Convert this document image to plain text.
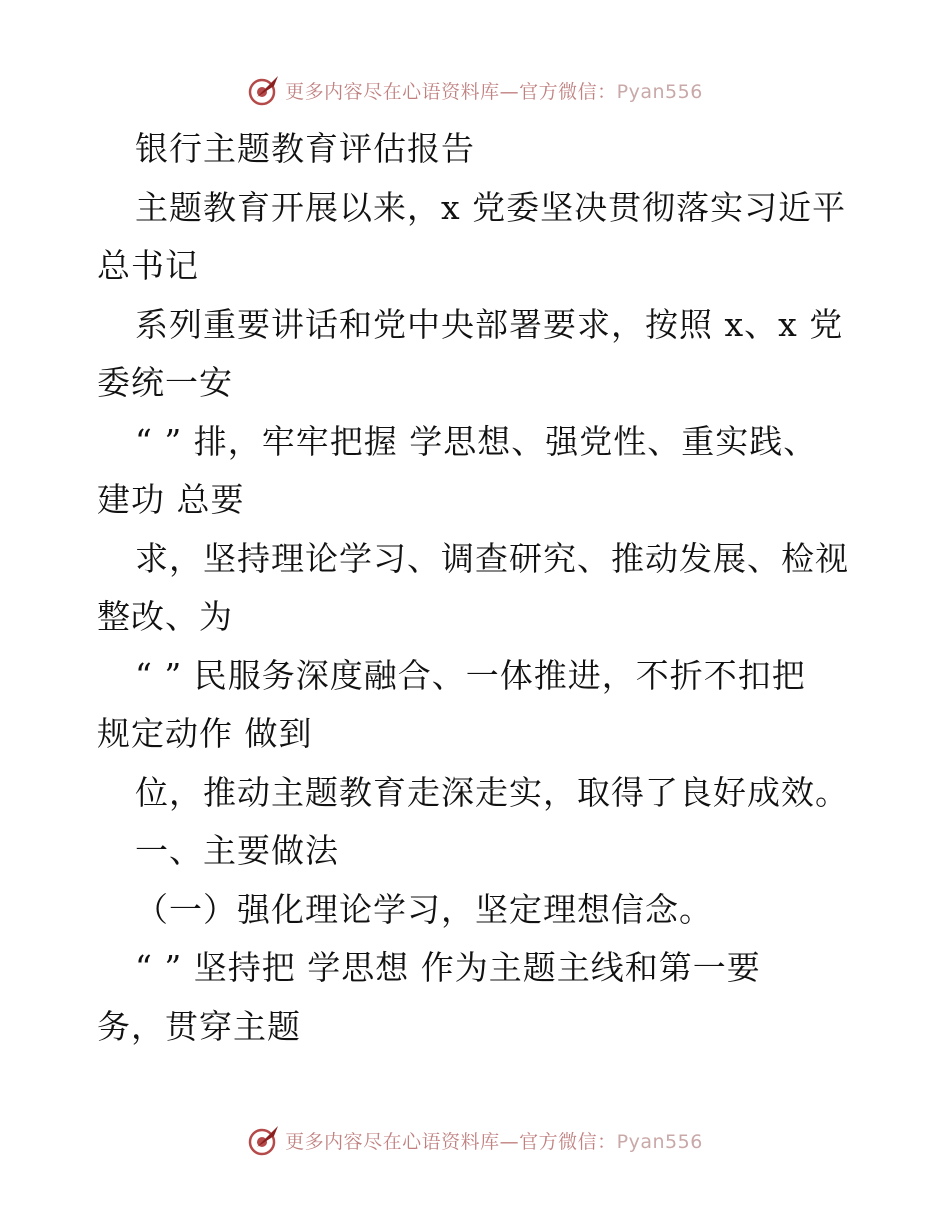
更多内容尽在心语资料库—官方微信：Pyan556
银行主题教育评估报告
主题教育开展以来，x 党委坚决贯彻落实习近平
总书记
系列重要讲话和党中央部署要求，按照 x、x 党
委统一安
“ ” 排，牢牢把握 学思想、强党性、重实践、
建功 总要
求，坚持理论学习、调查研究、推动发展、检视
整改、为
“ ” 民服务深度融合、一体推进，不折不扣把
规定动作 做到
位，推动主题教育走深走实，取得了良好成效。
一、主要做法
（一）强化理论学习，坚定理想信念。
“ ” 坚持把 学思想 作为主题主线和第一要
务，贯穿主题
更多内容尽在心语资料库—官方微信：Pyan556
